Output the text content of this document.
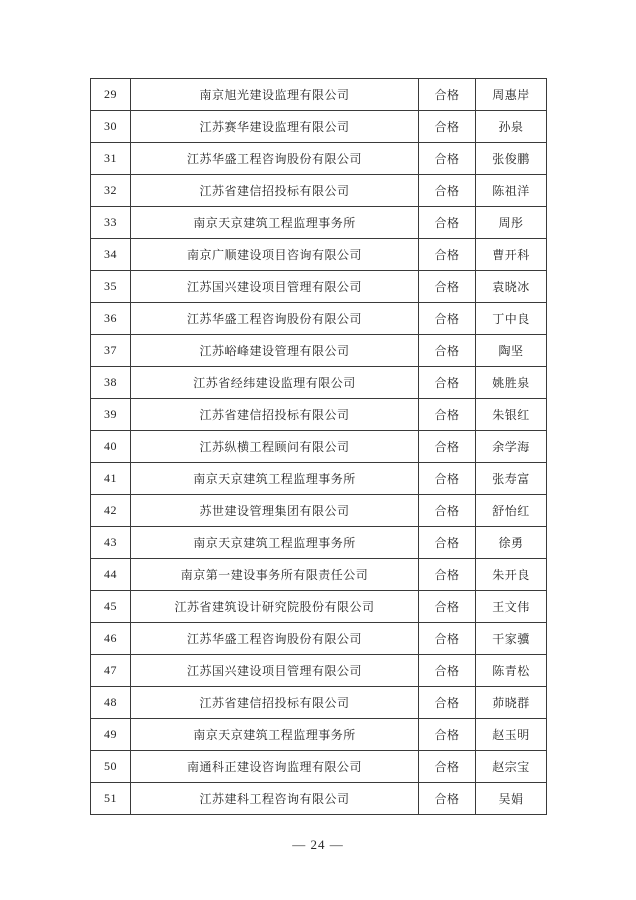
29	南京旭光建设监理有限公司	合格	周惠岸
30	江苏赛华建设监理有限公司	合格	孙泉
31	江苏华盛工程咨询股份有限公司	合格	张俊鹏
32	江苏省建信招投标有限公司	合格	陈祖洋
33	南京天京建筑工程监理事务所	合格	周彤
34	南京广顺建设项目咨询有限公司	合格	曹开科
35	江苏国兴建设项目管理有限公司	合格	袁晓冰
36	江苏华盛工程咨询股份有限公司	合格	丁中良
37	江苏峪峰建设管理有限公司	合格	陶坚
38	江苏省经纬建设监理有限公司	合格	姚胜泉
39	江苏省建信招投标有限公司	合格	朱银红
40	江苏纵横工程顾问有限公司	合格	余学海
41	南京天京建筑工程监理事务所	合格	张寿富
42	苏世建设管理集团有限公司	合格	舒怡红
43	南京天京建筑工程监理事务所	合格	徐勇
44	南京第一建设事务所有限责任公司	合格	朱开良
45	江苏省建筑设计研究院股份有限公司	合格	王文伟
46	江苏华盛工程咨询股份有限公司	合格	干家骥
47	江苏国兴建设项目管理有限公司	合格	陈青松
48	江苏省建信招投标有限公司	合格	茆晓群
49	南京天京建筑工程监理事务所	合格	赵玉明
50	南通科正建设咨询监理有限公司	合格	赵宗宝
51	江苏建科工程咨询有限公司	合格	吴娟
— 24 —
